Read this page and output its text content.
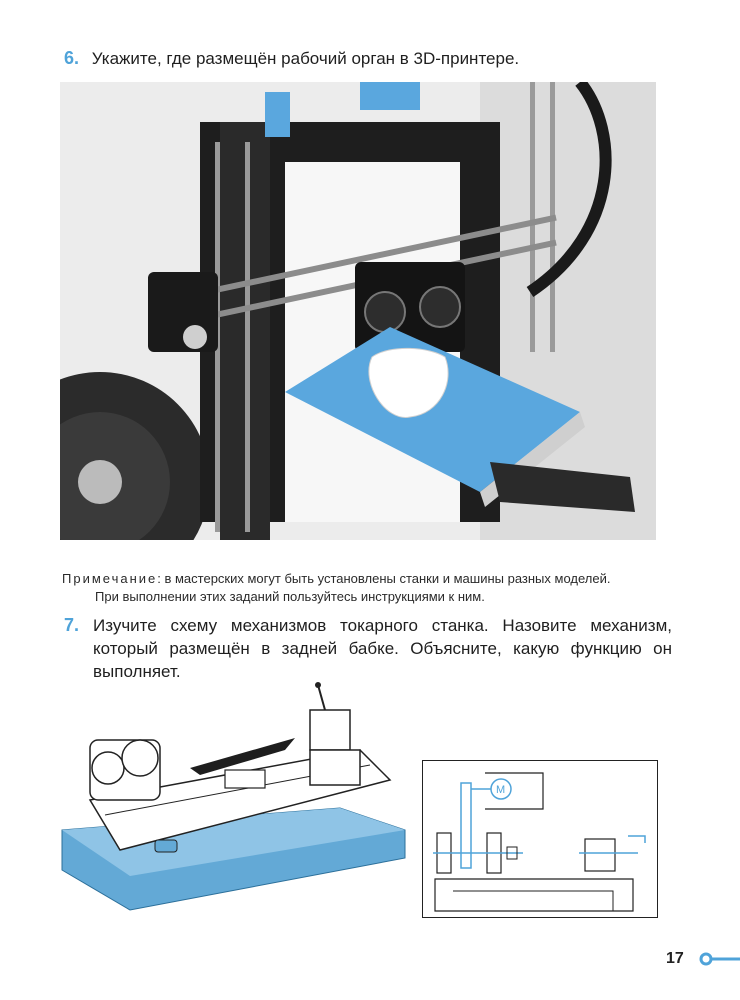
6. Укажите, где размещён рабочий орган в 3D-принтере.
Примечание: в мастерских могут быть установлены станки и машины разных моделей.
При выполнении этих заданий пользуйтесь инструкциями к ним.
7. Изучите схему механизмов токарного станка. Назовите механизм, который размещён в задней бабке. Объясните, какую функцию он выполняет.
M
17
